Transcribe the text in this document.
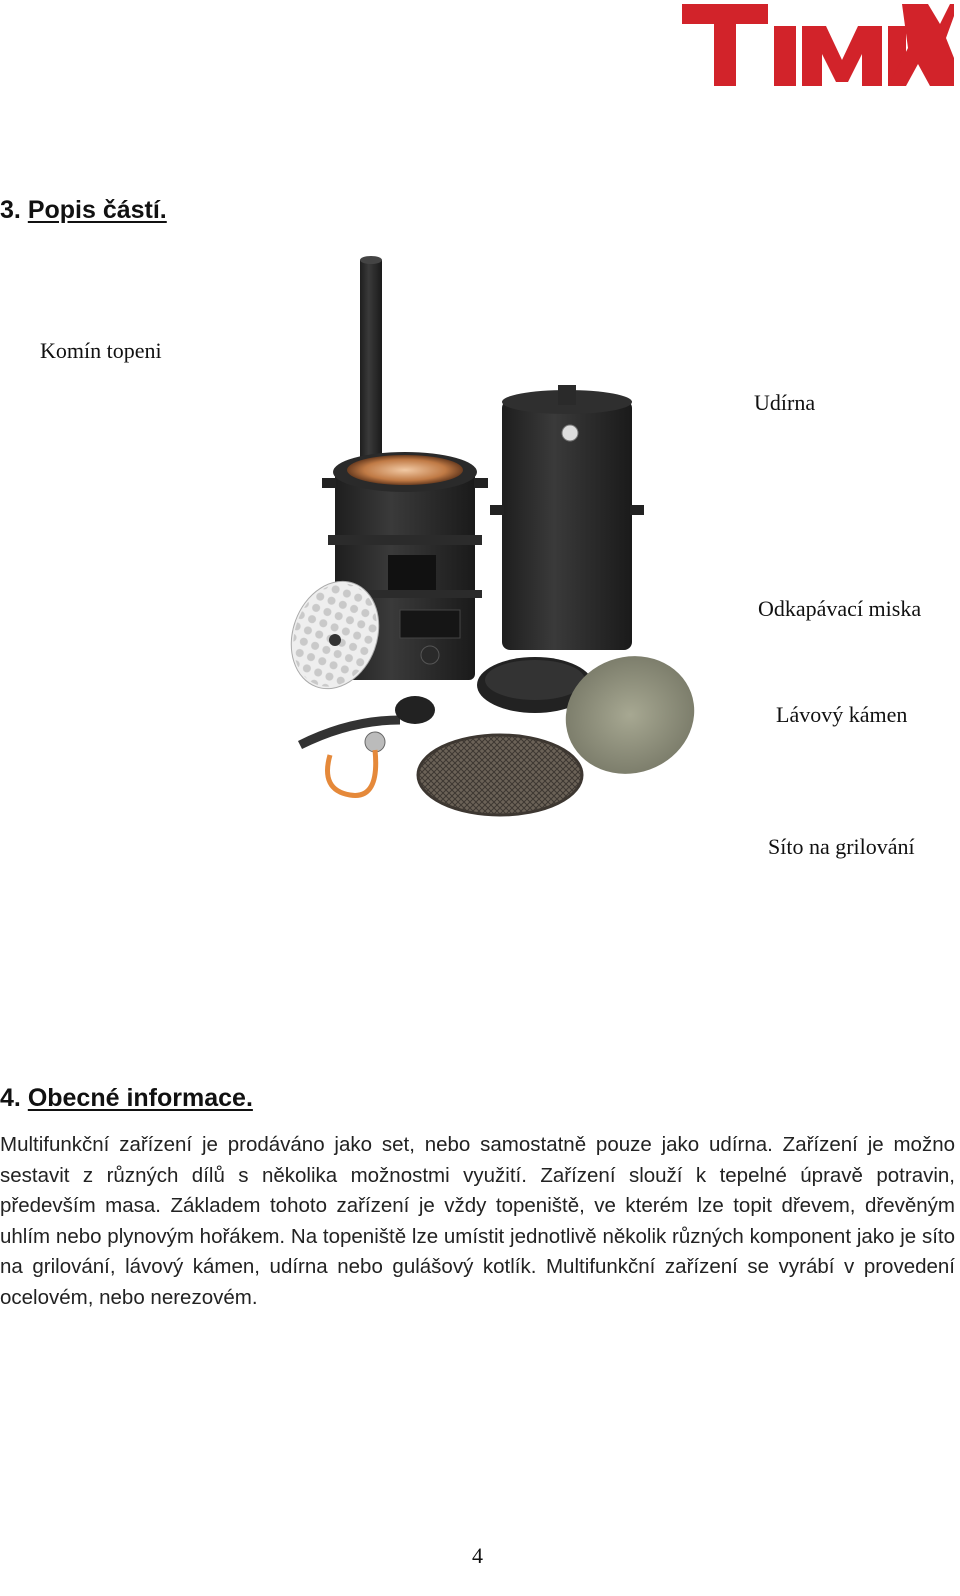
3. Popis částí.
Komín topeni
Udírna
Odkapávací miska
Lávový kámen
Síto na grilování
4. Obecné informace.

Multifunkční zařízení je prodáváno jako set, nebo samostatně pouze jako udírna. Zařízení je možno sestavit z různých dílů s několika možnostmi využití. Zařízení slouží k tepelné úpravě potravin, především masa. Základem tohoto zařízení je vždy topeniště, ve kterém lze topit dřevem, dřevěným uhlím nebo plynovým hořákem. Na topeniště lze umístit jednotlivě několik různých komponent jako je síto na grilování, lávový kámen, udírna nebo gulášový kotlík. Multifunkční zařízení se vyrábí v provedení ocelovém, nebo nerezovém.

4
